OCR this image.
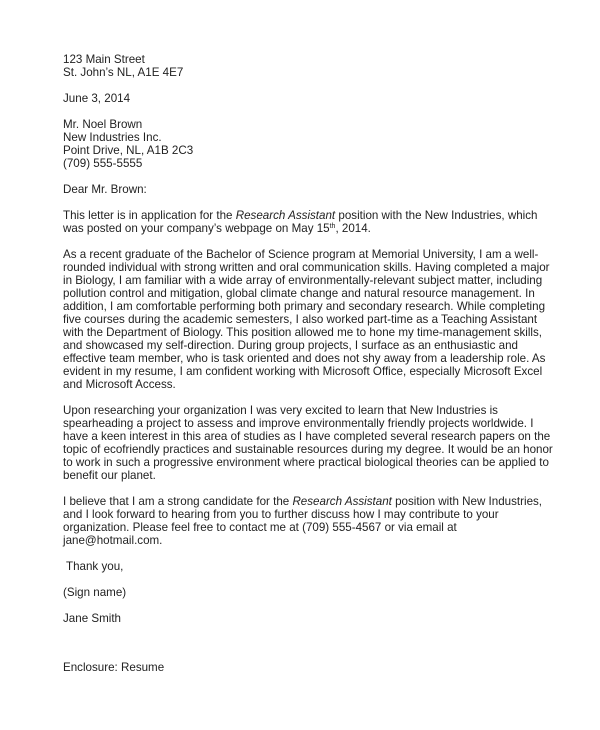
123 Main Street
St. John’s NL, A1E 4E7
June 3, 2014
Mr. Noel Brown
New Industries Inc.
Point Drive, NL, A1B 2C3
(709) 555-5555
Dear Mr. Brown:
This letter is in application for the Research Assistant position with the New Industries, which
was posted on your company’s webpage on May 15th, 2014.
As a recent graduate of the Bachelor of Science program at Memorial University, I am a well-
rounded individual with strong written and oral communication skills. Having completed a major
in Biology, I am familiar with a wide array of environmentally-relevant subject matter, including
pollution control and mitigation, global climate change and natural resource management. In
addition, I am comfortable performing both primary and secondary research. While completing
five courses during the academic semesters, I also worked part-time as a Teaching Assistant
with the Department of Biology. This position allowed me to hone my time-management skills,
and showcased my self-direction. During group projects, I surface as an enthusiastic and
effective team member, who is task oriented and does not shy away from a leadership role. As
evident in my resume, I am confident working with Microsoft Office, especially Microsoft Excel
and Microsoft Access.
Upon researching your organization I was very excited to learn that New Industries is
spearheading a project to assess and improve environmentally friendly projects worldwide. I
have a keen interest in this area of studies as I have completed several research papers on the
topic of ecofriendly practices and sustainable resources during my degree. It would be an honor
to work in such a progressive environment where practical biological theories can be applied to
benefit our planet.
I believe that I am a strong candidate for the Research Assistant position with New Industries,
and I look forward to hearing from you to further discuss how I may contribute to your
organization. Please feel free to contact me at (709) 555-4567 or via email at
jane@hotmail.com.
Thank you,
(Sign name)
Jane Smith
Enclosure: Resume
